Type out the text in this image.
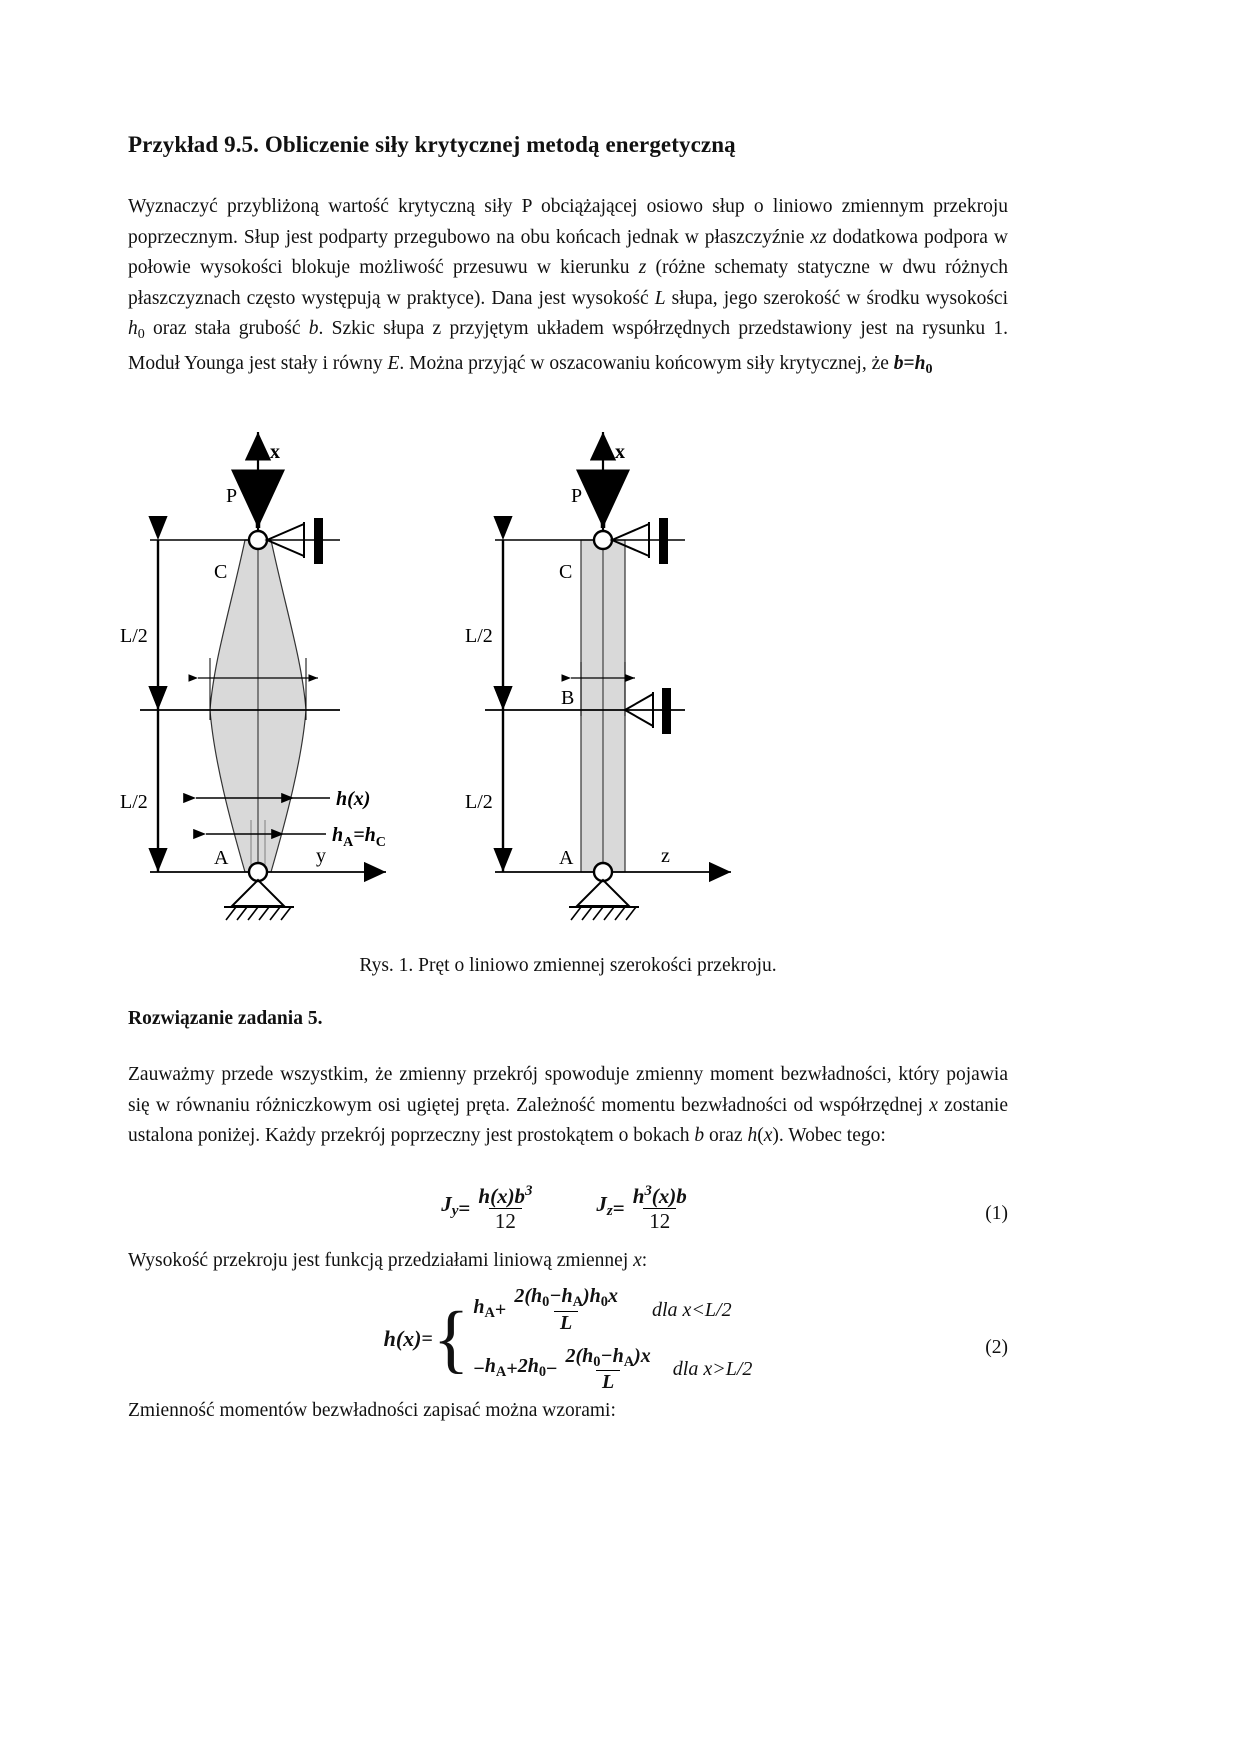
Przykład 9.5. Obliczenie siły krytycznej metodą energetyczną
Wyznaczyć przybliżoną wartość krytyczną siły P obciążającej osiowo słup o liniowo zmiennym przekroju poprzecznym. Słup jest podparty przegubowo na obu końcach jednak w płaszczyźnie xz dodatkowa podpora w połowie wysokości blokuje możliwość przesuwu w kierunku z (różne schematy statyczne w dwu różnych płaszczyznach często występują w praktyce). Dana jest wysokość L słupa, jego szerokość w środku wysokości $h_0$ oraz stała grubość b. Szkic słupa z przyjętym układem współrzędnych przedstawiony jest na rysunku 1. Moduł Younga jest stały i równy E. Można przyjąć w oszacowaniu końcowym siły krytycznej, że $b=h_0$
x
P
L/2
L/2	h(x)
$h_A=h_C$
C
A	y
x
P
L/2
B
L/2
C
A	z
Rys. 1. Pręt o liniowo zmiennej szerokości przekroju.
Rozwiązanie zadania 5.
Zauważmy przede wszystkim, że zmienny przekrój spowoduje zmienny moment bezwładności, który pojawia się w równaniu różniczkowym osi ugiętej pręta. Zależność momentu bezwładności od współrzędnej x zostanie ustalona poniżej. Każdy przekrój poprzeczny jest prostokątem o bokach b oraz h(x). Wobec tego:
$J_y = \frac{h(x)b^3}{12}$	$J_z = \frac{h^3(x)b}{12}$	(1)
Wysokość przekroju jest funkcją przedziałami liniową zmiennej x:
h(x) = { $h_A + \frac{2(h_0-h_A)h_0x}{L}$ dla x<L/2
− $h_A + 2h_0 - \frac{2(h_0-h_A)x}{L}$ dla x>L/2
(2)
Zmienność momentów bezwładności zapisać można wzorami:
